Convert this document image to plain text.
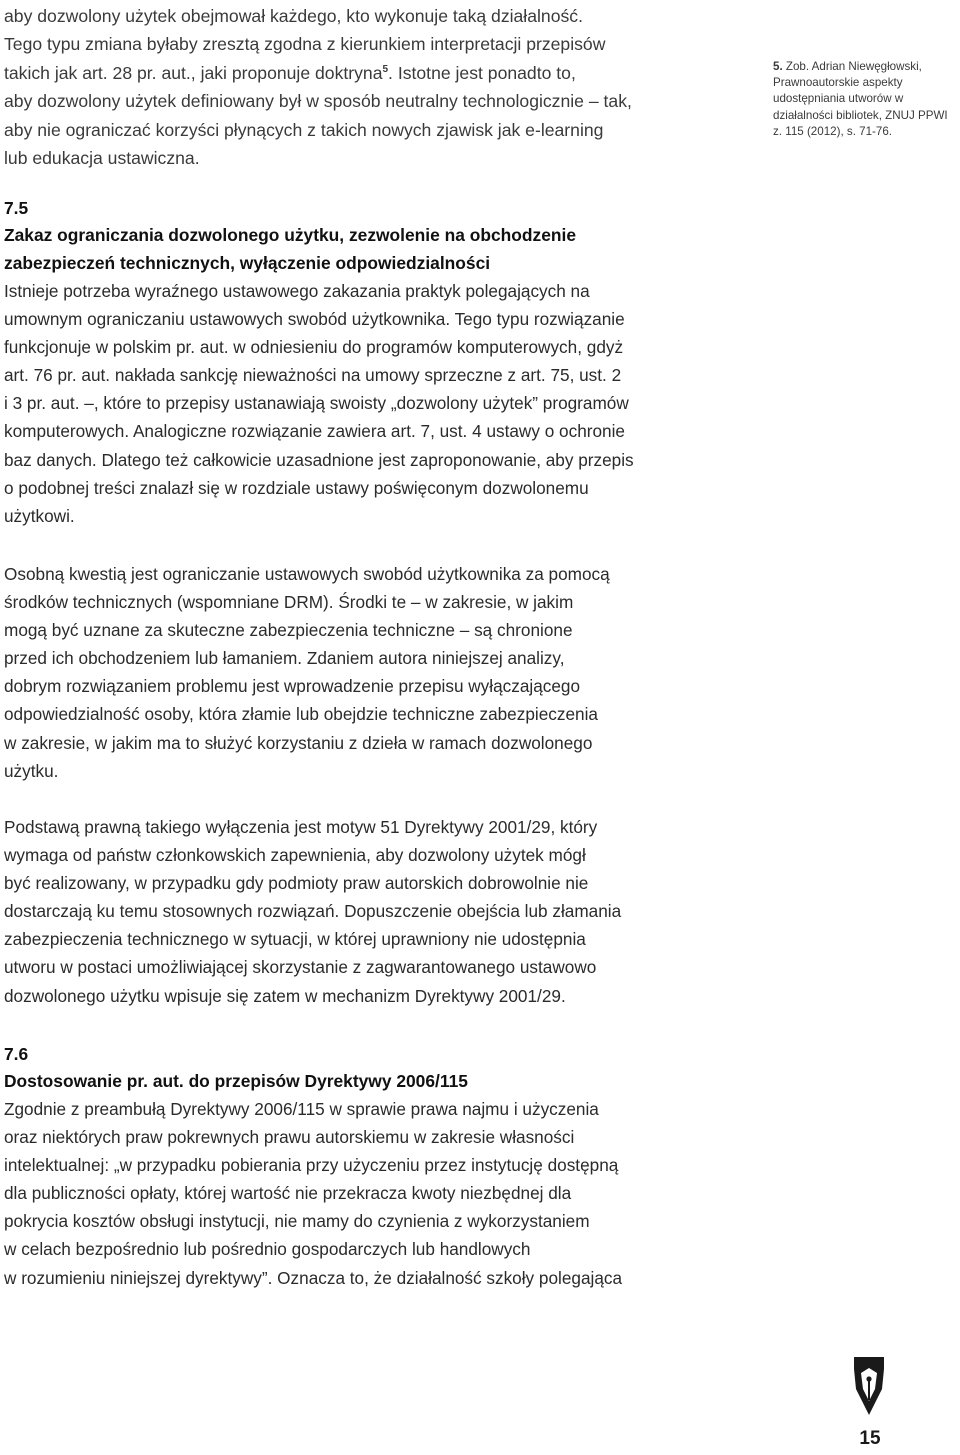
aby dozwolony użytek obejmował każdego, kto wykonuje taką działalność.
Tego typu zmiana byłaby zresztą zgodna z kierunkiem interpretacji przepisów
takich jak art. 28 pr. aut., jaki proponuje doktryna$^5$. Istotne jest ponadto to,
aby dozwolony użytek definiowany był w sposób neutralny technologicznie – tak,
aby nie ograniczać korzyści płynących z takich nowych zjawisk jak e-learning
lub edukacja ustawiczna.
5. Zob. Adrian Niewęgłowski,
Prawnoautorskie aspekty
udostępniania utworów w
działalności bibliotek, ZNUJ PPWI
z. 115 (2012), s. 71-76.
7.5
Zakaz ograniczania dozwolonego użytku, zezwolenie na obchodzenie
zabezpieczeń technicznych, wyłączenie odpowiedzialności
Istnieje potrzeba wyraźnego ustawowego zakazania praktyk polegających na
umownym ograniczaniu ustawowych swobód użytkownika. Tego typu rozwiązanie
funkcjonuje w polskim pr. aut. w odniesieniu do programów komputerowych, gdyż
art. 76 pr. aut. nakłada sankcję nieważności na umowy sprzeczne z art. 75, ust. 2
i 3 pr. aut. –, które to przepisy ustanawiają swoisty „dozwolony użytek” programów
komputerowych. Analogiczne rozwiązanie zawiera art. 7, ust. 4 ustawy o ochronie
baz danych. Dlatego też całkowicie uzasadnione jest zaproponowanie, aby przepis
o podobnej treści znalazł się w rozdziale ustawy poświęconym dozwolonemu
użytkowi.
Osobną kwestią jest ograniczanie ustawowych swobód użytkownika za pomocą
środków technicznych (wspomniane DRM). Środki te – w zakresie, w jakim
mogą być uznane za skuteczne zabezpieczenia techniczne – są chronione
przed ich obchodzeniem lub łamaniem. Zdaniem autora niniejszej analizy,
dobrym rozwiązaniem problemu jest wprowadzenie przepisu wyłączającego
odpowiedzialność osoby, która złamie lub obejdzie techniczne zabezpieczenia
w zakresie, w jakim ma to służyć korzystaniu z dzieła w ramach dozwolonego
użytku.
Podstawą prawną takiego wyłączenia jest motyw 51 Dyrektywy 2001/29, który
wymaga od państw członkowskich zapewnienia, aby dozwolony użytek mógł
być realizowany, w przypadku gdy podmioty praw autorskich dobrowolnie nie
dostarczają ku temu stosownych rozwiązań. Dopuszczenie obejścia lub złamania
zabezpieczenia technicznego w sytuacji, w której uprawniony nie udostępnia
utworu w postaci umożliwiającej skorzystanie z zagwarantowanego ustawowo
dozwolonego użytku wpisuje się zatem w mechanizm Dyrektywy 2001/29.
7.6
Dostosowanie pr. aut. do przepisów Dyrektywy 2006/115
Zgodnie z preambułą Dyrektywy 2006/115 w sprawie prawa najmu i użyczenia
oraz niektórych praw pokrewnych prawu autorskiemu w zakresie własności
intelektualnej: „w przypadku pobierania przy użyczeniu przez instytucję dostępną
dla publiczności opłaty, której wartość nie przekracza kwoty niezbędnej dla
pokrycia kosztów obsługi instytucji, nie mamy do czynienia z wykorzystaniem
w celach bezpośrednio lub pośrednio gospodarczych lub handlowych
w rozumieniu niniejszej dyrektywy”. Oznacza to, że działalność szkoły polegająca
15
